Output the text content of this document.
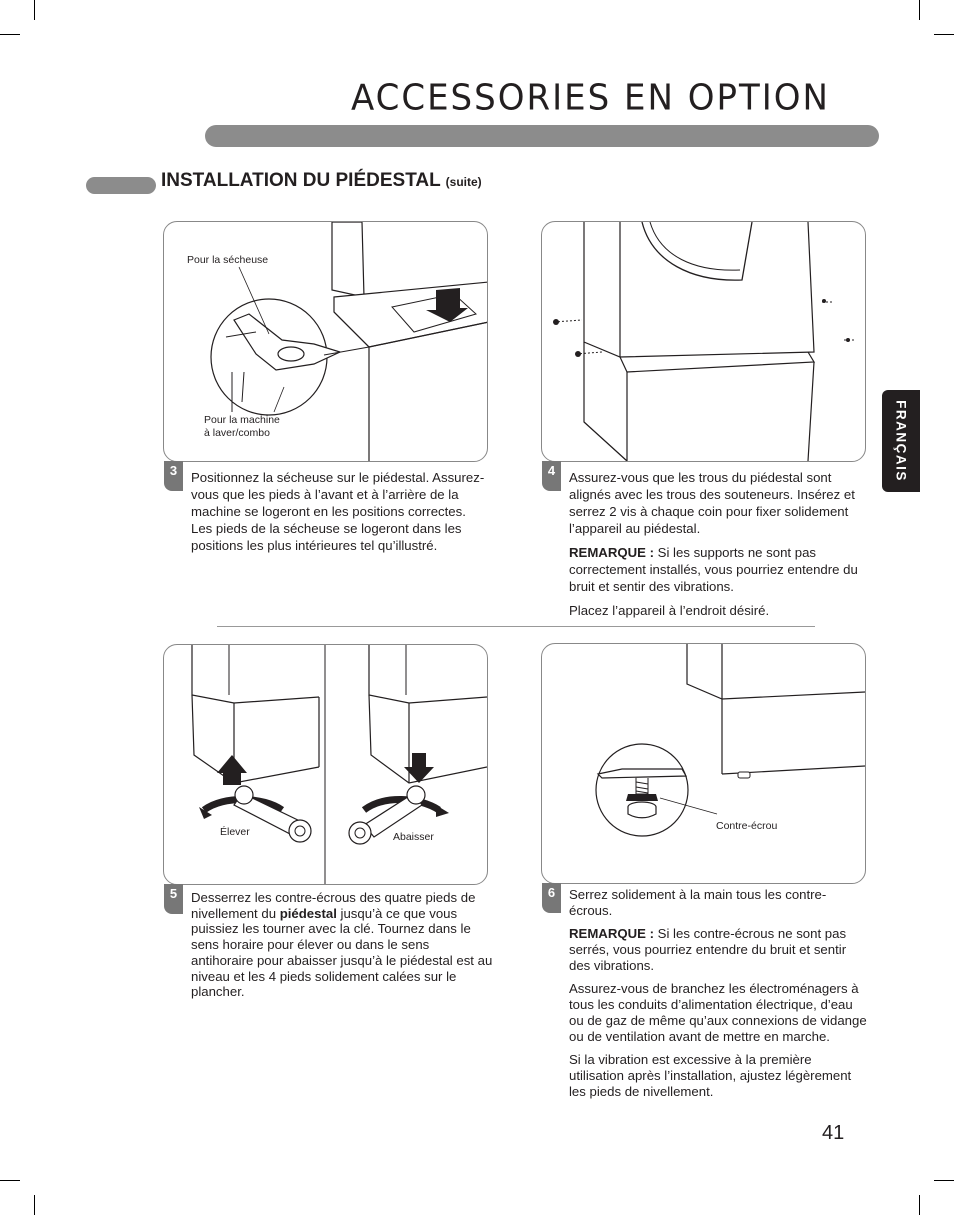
ACCESSORIES EN OPTION
INSTALLATION DU PIÉDESTAL (suite)
FRANÇAIS
Pour la sécheuse
Pour la machine
à laver/combo
3	Positionnez la sécheuse sur le piédestal. Assurez-vous que les pieds à l’avant et à l’arrière de la machine se logeront en les positions correctes. Les pieds de la sécheuse se logeront dans les positions les plus intérieures tel qu’illustré.

4	Assurez-vous que les trous du piédestal sont alignés avec les trous des souteneurs. Insérez et serrez 2 vis à chaque coin pour fixer solidement l’appareil au piédestal.

REMARQUE : Si les supports ne sont pas correctement installés, vous pourriez entendre du bruit et sentir des vibrations.

Placez l’appareil à l’endroit désiré.

Élever	Abaisser
5	Desserrez les contre-écrous des quatre pieds de nivellement du piédestal jusqu’à ce que vous puissiez les tourner avec la clé. Tournez dans le sens horaire pour élever ou dans le sens antihoraire pour abaisser jusqu’à le piédestal est au niveau et les 4 pieds solidement calées sur le plancher.

Contre-écrou
6	Serrez solidement à la main tous les contre-écrous.

REMARQUE : Si les contre-écrous ne sont pas serrés, vous pourriez entendre du bruit et sentir des vibrations.

Assurez-vous de branchez les électroménagers à tous les conduits d’alimentation électrique, d’eau ou de gaz de même qu’aux connexions de vidange ou de ventilation avant de mettre en marche.

Si la vibration est excessive à la première utilisation après l’installation, ajustez légèrement les pieds de nivellement.

41
